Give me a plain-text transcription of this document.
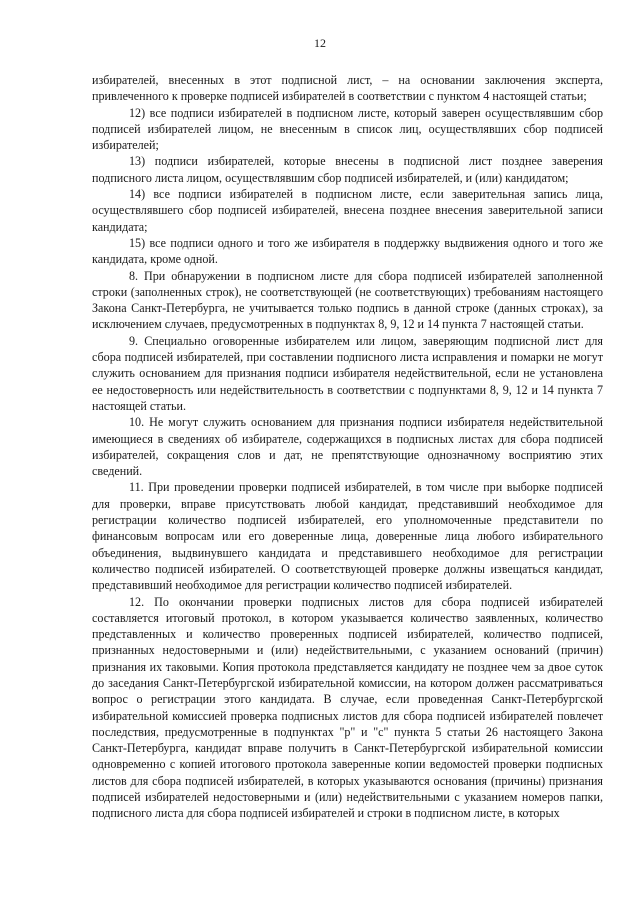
12

избирателей, внесенных в этот подписной лист, – на основании заключения эксперта, привлеченного к проверке подписей избирателей в соответствии с пунктом 4 настоящей статьи;

12) все подписи избирателей в подписном листе, который заверен осуществлявшим сбор подписей избирателей лицом, не внесенным в список лиц, осуществлявших сбор подписей избирателей;

13) подписи избирателей, которые внесены в подписной лист позднее заверения подписного листа лицом, осуществлявшим сбор подписей избирателей, и (или) кандидатом;

14) все подписи избирателей в подписном листе, если заверительная запись лица, осуществлявшего сбор подписей избирателей, внесена позднее внесения заверительной записи кандидата;

15) все подписи одного и того же избирателя в поддержку выдвижения одного и того же кандидата, кроме одной.

8. При обнаружении в подписном листе для сбора подписей избирателей заполненной строки (заполненных строк), не соответствующей (не соответствующих) требованиям настоящего Закона Санкт-Петербурга, не учитывается только подпись в данной строке (данных строках), за исключением случаев, предусмотренных в подпунктах 8, 9, 12 и 14 пункта 7 настоящей статьи.

9. Специально оговоренные избирателем или лицом, заверяющим подписной лист для сбора подписей избирателей, при составлении подписного листа исправления и помарки не могут служить основанием для признания подписи избирателя недействительной, если не установлена ее недостоверность или недействительность в соответствии с подпунктами 8, 9, 12 и 14 пункта 7 настоящей статьи.

10. Не могут служить основанием для признания подписи избирателя недействительной имеющиеся в сведениях об избирателе, содержащихся в подписных листах для сбора подписей избирателей, сокращения слов и дат, не препятствующие однозначному восприятию этих сведений.

11. При проведении проверки подписей избирателей, в том числе при выборке подписей для проверки, вправе присутствовать любой кандидат, представивший необходимое для регистрации количество подписей избирателей, его уполномоченные представители по финансовым вопросам или его доверенные лица, доверенные лица любого избирательного объединения, выдвинувшего кандидата и представившего необходимое для регистрации количество подписей избирателей. О соответствующей проверке должны извещаться кандидат, представивший необходимое для регистрации количество подписей избирателей.

12. По окончании проверки подписных листов для сбора подписей избирателей составляется итоговый протокол, в котором указывается количество заявленных, количество представленных и количество проверенных подписей избирателей, количество подписей, признанных недостоверными и (или) недействительными, с указанием оснований (причин) признания их таковыми. Копия протокола представляется кандидату не позднее чем за двое суток до заседания Санкт-Петербургской избирательной комиссии, на котором должен рассматриваться вопрос о регистрации этого кандидата. В случае, если проведенная Санкт-Петербургской избирательной комиссией проверка подписных листов для сбора подписей избирателей повлечет последствия, предусмотренные в подпунктах "р" и "с" пункта 5 статьи 26 настоящего Закона Санкт-Петербурга, кандидат вправе получить в Санкт-Петербургской избирательной комиссии одновременно с копией итогового протокола заверенные копии ведомостей проверки подписных листов для сбора подписей избирателей, в которых указываются основания (причины) признания подписей избирателей недостоверными и (или) недействительными с указанием номеров папки, подписного листа для сбора подписей избирателей и строки в подписном листе, в которых
